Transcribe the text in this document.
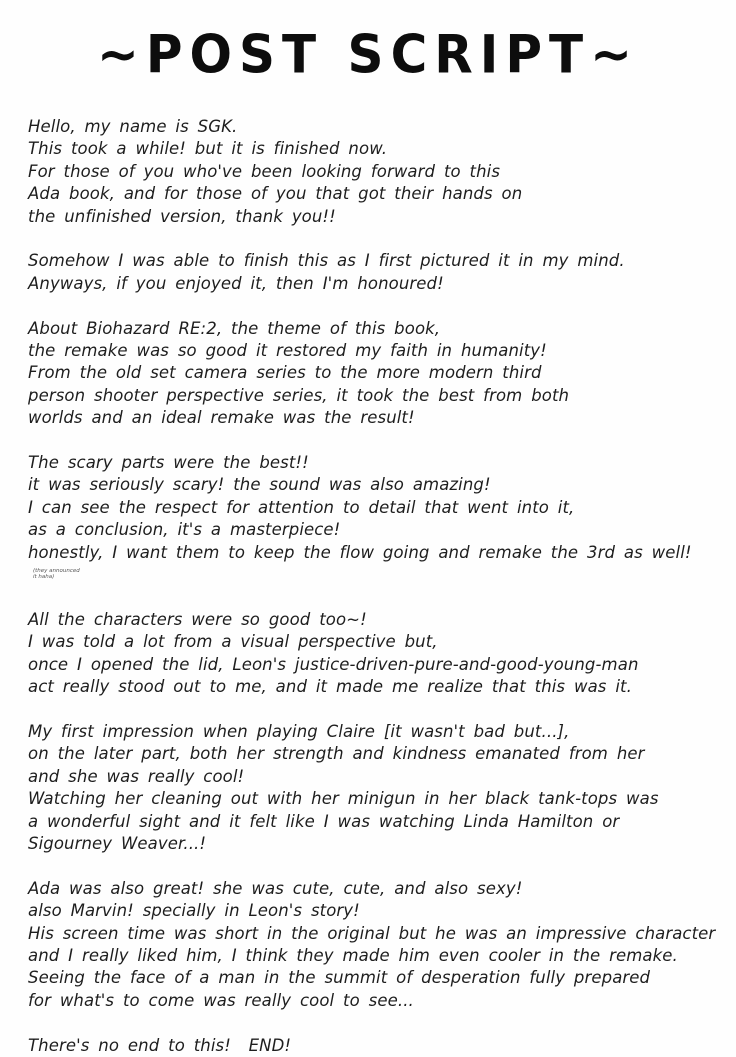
~POST SCRIPT~
Hello, my name is SGK.
This took a while! but it is finished now.
For those of you who've been looking forward to this
Ada book, and for those of you that got their hands on
the unfinished version, thank you!!
Somehow I was able to finish this as I first pictured it in my mind.
Anyways, if you enjoyed it, then I'm honoured!
About Biohazard RE:2, the theme of this book,
the remake was so good it restored my faith in humanity!
From the old set camera series to the more modern third
person shooter perspective series, it took the best from both
worlds and an ideal remake was the result!
The scary parts were the best!!
it was seriously scary! the sound was also amazing!
I can see the respect for attention to detail that went into it,
as a conclusion, it's a masterpiece!
honestly, I want them to keep the flow going and remake the 3rd as well!
(they announced
it haha)
All the characters were so good too~!
I was told a lot from a visual perspective but,
once I opened the lid, Leon's justice-driven-pure-and-good-young-man
act really stood out to me, and it made me realize that this was it.
My first impression when playing Claire [it wasn't bad but...],
on the later part, both her strength and kindness emanated from her
and she was really cool!
Watching her cleaning out with her minigun in her black tank-tops was
a wonderful sight and it felt like I was watching Linda Hamilton or
Sigourney Weaver...!
Ada was also great! she was cute, cute, and also sexy!
also Marvin! specially in Leon's story!
His screen time was short in the original but he was an impressive character
and I really liked him, I think they made him even cooler in the remake.
Seeing the face of a man in the summit of desperation fully prepared
for what's to come was really cool to see...
There's no end to this!  END!
